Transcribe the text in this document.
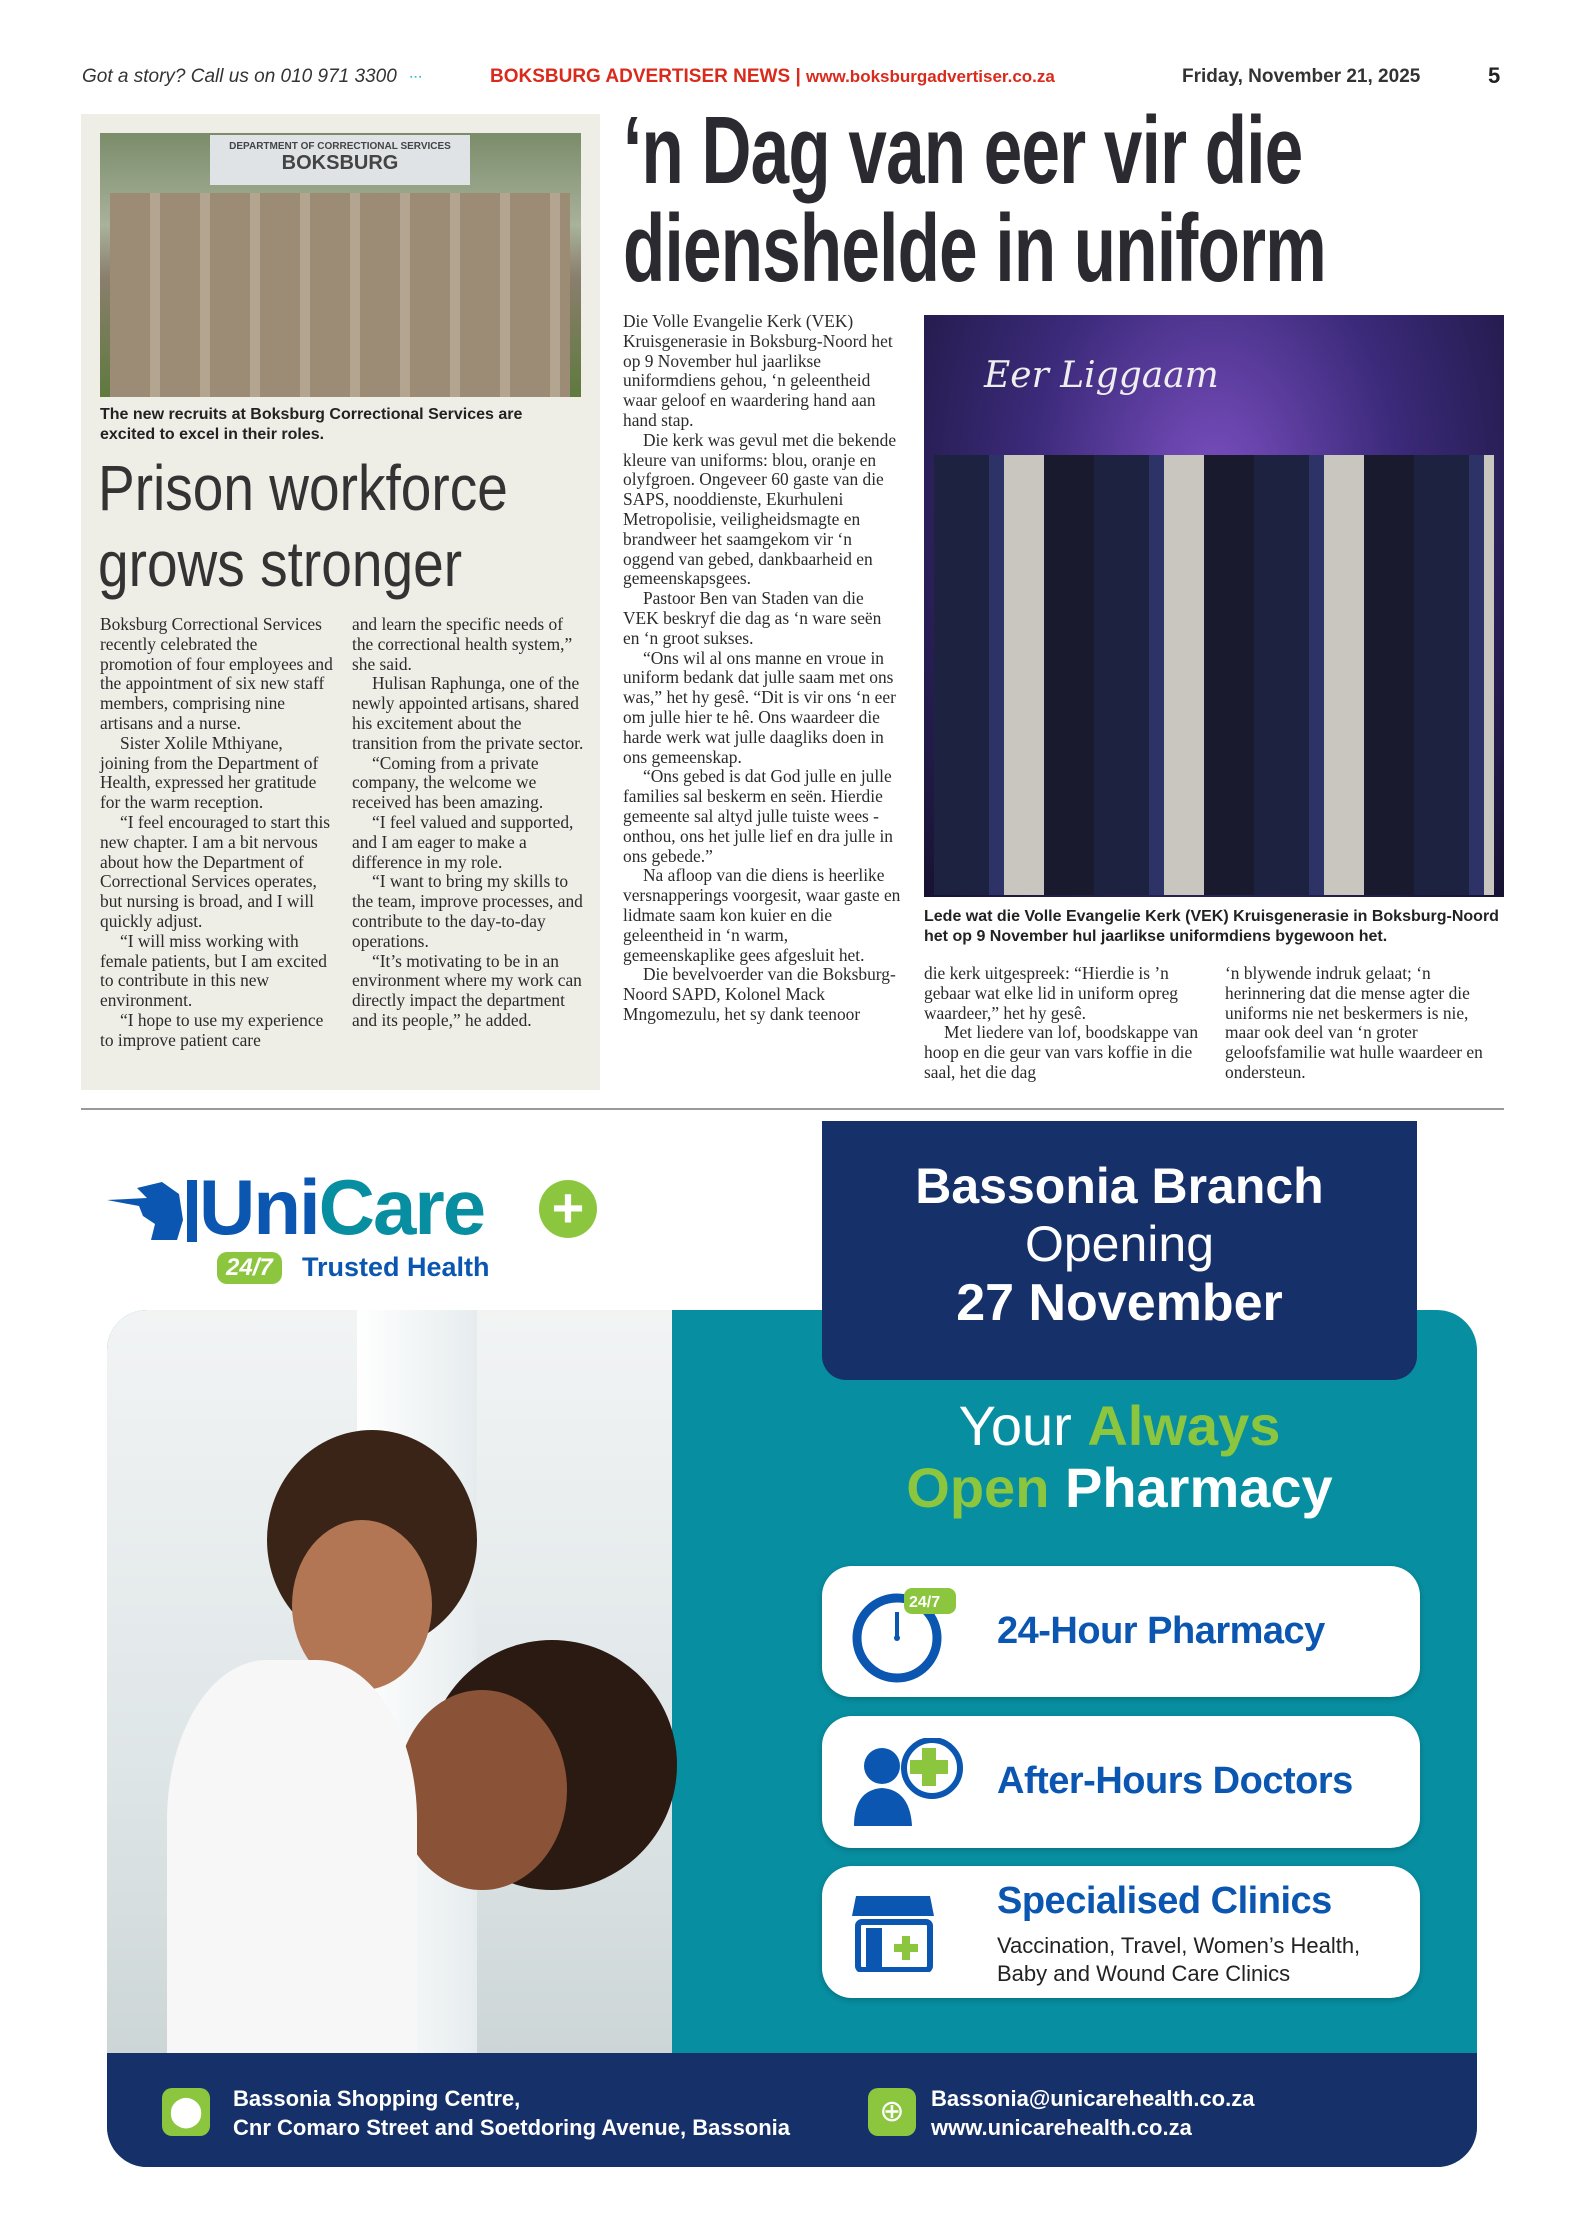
Got a story? Call us on 010 971 3300 ▪ ▪ ▪	BOKSBURG ADVERTISER NEWS | www.boksburgadvertiser.co.za	Friday, November 21, 2025	5
DEPARTMENT OF CORRECTIONAL SERVICES
BOKSBURG
The new recruits at Boksburg Correctional Services are excited to excel in their roles.
Prison workforce
grows stronger

Boksburg Correctional Services recently celebrated the promotion of four employees and the appointment of six new staff members, comprising nine artisans and a nurse.

Sister Xolile Mthiyane, joining from the Department of Health, expressed her gratitude for the warm reception.

“I feel encouraged to start this new chapter. I am a bit nervous about how the Department of Correctional Services operates, but nursing is broad, and I will quickly adjust.

“I will miss working with female patients, but I am excited to contribute in this new environment.

“I hope to use my experience to improve patient care

and learn the specific needs of the correctional health system,” she said.

Hulisan Raphunga, one of the newly appointed artisans, shared his excitement about the transition from the private sector.

“Coming from a private company, the welcome we received has been amazing.

“I feel valued and supported, and I am eager to make a difference in my role.

“I want to bring my skills to the team, improve processes, and contribute to the day-to-day operations.

“It’s motivating to be in an environment where my work can directly impact the department and its people,” he added.

‘n Dag van eer vir die
dienshelde in uniform

Die Volle Evangelie Kerk (VEK) Kruisgenerasie in Boksburg-Noord het op 9 November hul jaarlikse uniformdiens gehou, ‘n geleentheid waar geloof en waardering hand aan hand stap.

Die kerk was gevul met die bekende kleure van uniforms: blou, oranje en olyfgroen. Ongeveer 60 gaste van die SAPS, nooddienste, Ekurhuleni Metropolisie, veiligheidsmagte en brandweer het saamgekom vir ‘n oggend van gebed, dankbaarheid en gemeenskapsgees.

Pastoor Ben van Staden van die VEK beskryf die dag as ‘n ware seën en ‘n groot sukses.

“Ons wil al ons manne en vroue in uniform bedank dat julle saam met ons was,” het hy gesê. “Dit is vir ons ‘n eer om julle hier te hê. Ons waardeer die harde werk wat julle daagliks doen in ons gemeenskap.

“Ons gebed is dat God julle en julle families sal beskerm en seën. Hierdie gemeente sal altyd julle tuiste wees - onthou, ons het julle lief en dra julle in ons gebede.”

Na afloop van die diens is heerlike versnapperings voorgesit, waar gaste en lidmate saam kon kuier en die geleentheid in ‘n warm, gemeenskaplike gees afgesluit het.

Die bevelvoerder van die Boksburg-Noord SAPD, Kolonel Mack Mngomezulu, het sy dank teenoor

Eer Liggaam
Lede wat die Volle Evangelie Kerk (VEK) Kruisgenerasie in Boksburg-Noord het op 9 November hul jaarlikse uniformdiens bygewoon het.

die kerk uitgespreek: “Hierdie is ’n gebaar wat elke lid in uniform opreg waardeer,” het hy gesê.

Met liedere van lof, boodskappe van hoop en die geur van vars koffie in die saal, het die dag

‘n blywende indruk gelaat; ‘n herinnering dat die mense agter die uniforms nie net beskermers is nie, maar ook deel van ‘n groter geloofsfamilie wat hulle waardeer en ondersteun.

UniCare +
24/7	Trusted Health
Bassonia Branch
Opening
27 November
Your Always
Open Pharmacy
24/7
24-Hour Pharmacy
After-Hours Doctors
Specialised Clinics
Vaccination, Travel, Women’s Health,
Baby and Wound Care Clinics
⬤	Bassonia Shopping Centre,
Cnr Comaro Street and Soetdoring Avenue, Bassonia	⊕	Bassonia@unicarehealth.co.za
www.unicarehealth.co.za
